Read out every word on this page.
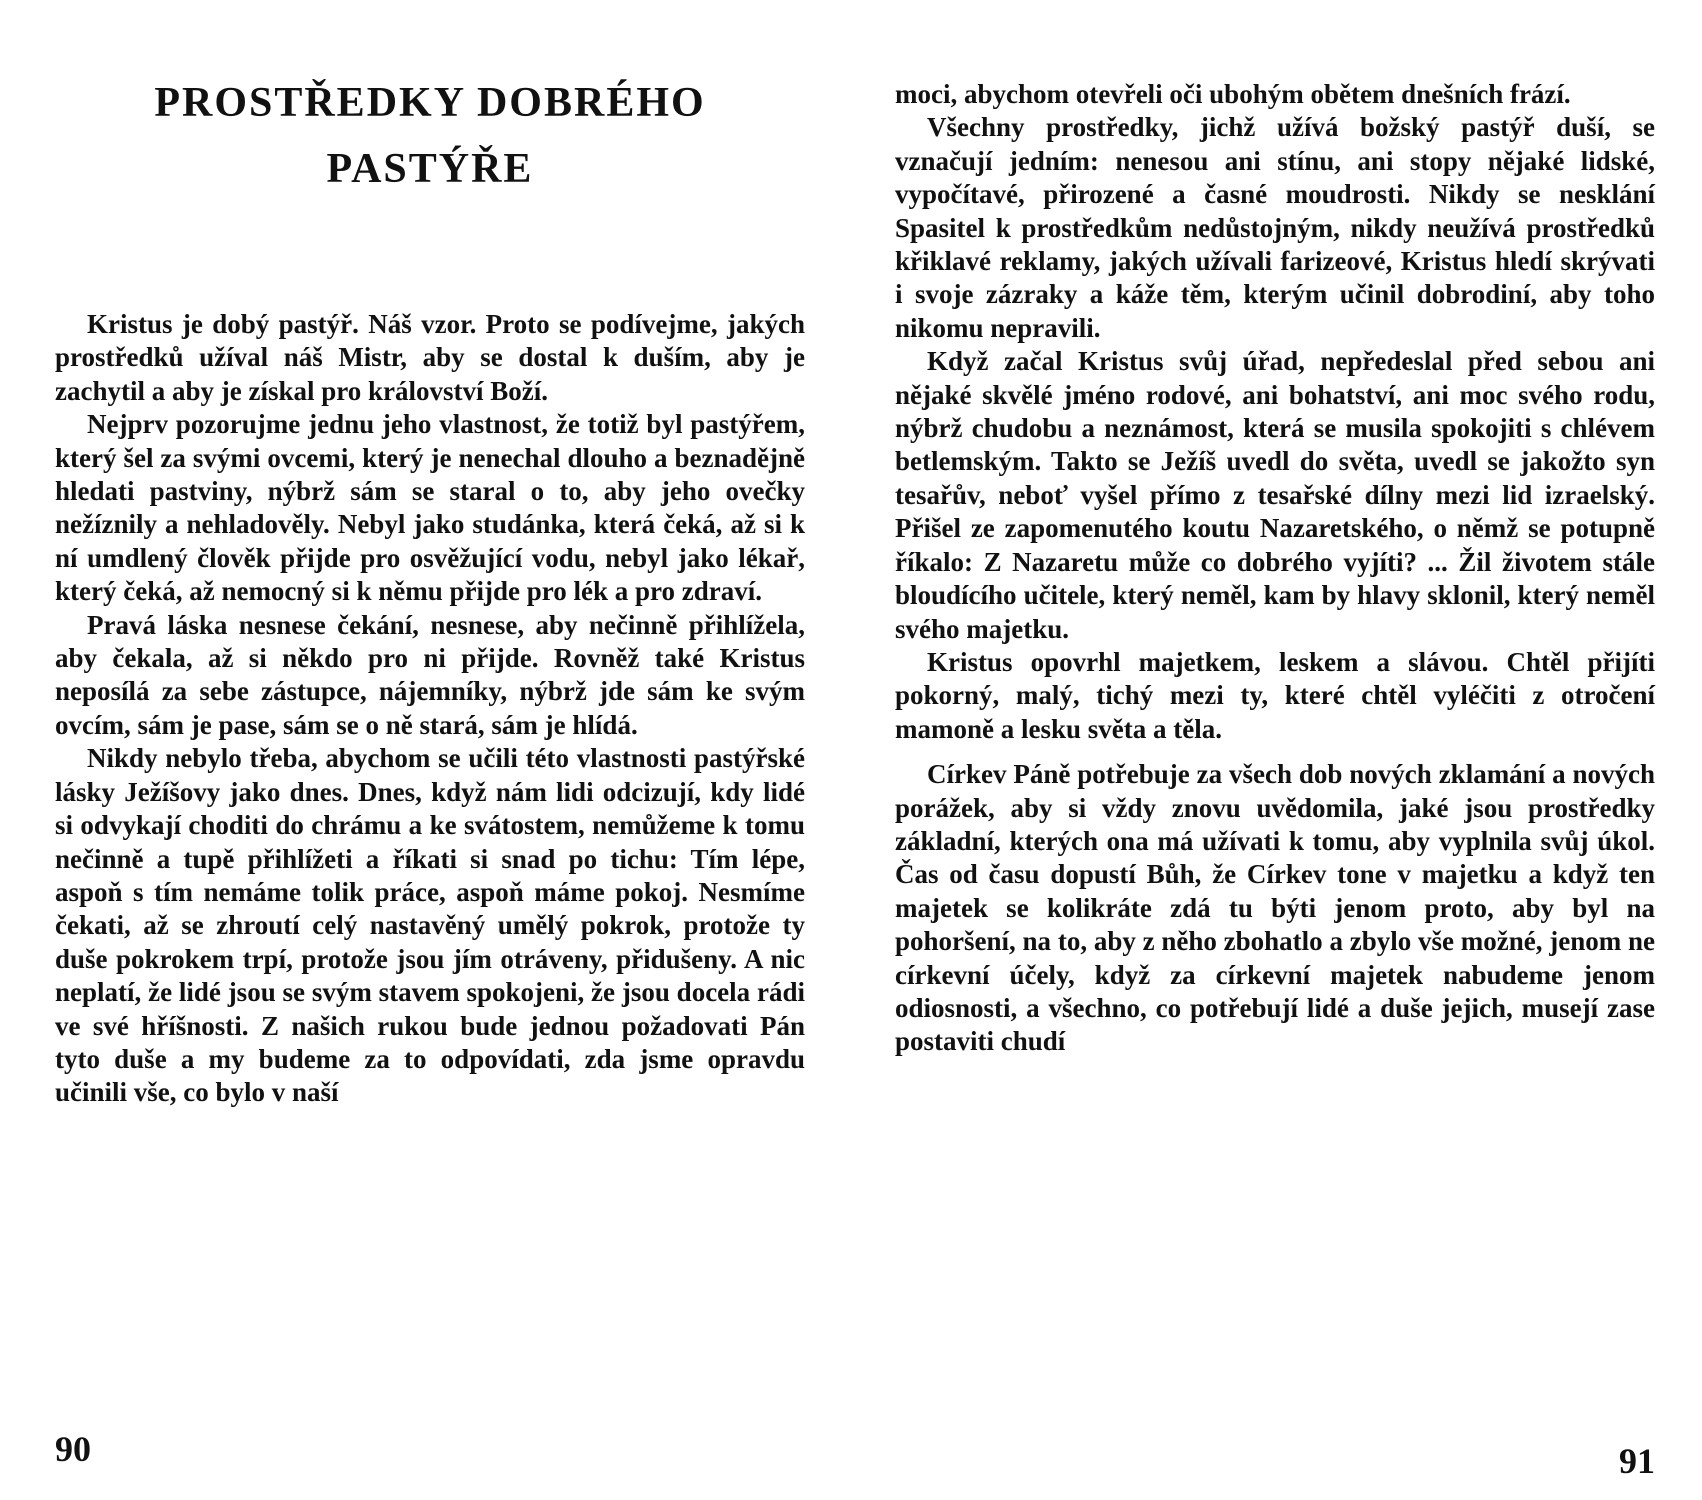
PROSTŘEDKY DOBRÉHO
PASTÝŘE

Kristus je dobý pastýř. Náš vzor. Proto se podívejme, jakých prostředků užíval náš Mistr, aby se dostal k duším, aby je zachytil a aby je získal pro království Boží.

Nejprv pozorujme jednu jeho vlastnost, že totiž byl pastýřem, který šel za svými ovcemi, který je nenechal dlouho a beznadějně hledati pastviny, nýbrž sám se staral o to, aby jeho ovečky nežíznily a nehladověly. Nebyl jako studánka, která čeká, až si k ní umdlený člověk přijde pro osvěžující vodu, nebyl jako lékař, který čeká, až nemocný si k němu přijde pro lék a pro zdraví.

Pravá láska nesnese čekání, nesnese, aby nečinně přihlížela, aby čekala, až si někdo pro ni přijde. Rovněž také Kristus neposílá za sebe zástupce, nájemníky, nýbrž jde sám ke svým ovcím, sám je pase, sám se o ně stará, sám je hlídá.

Nikdy nebylo třeba, abychom se učili této vlastnosti pastýřské lásky Ježíšovy jako dnes. Dnes, když nám lidi odcizují, kdy lidé si odvykají choditi do chrámu a ke svátostem, nemůžeme k tomu nečinně a tupě přihlížeti a říkati si snad po tichu: Tím lépe, aspoň s tím nemáme tolik práce, aspoň máme pokoj. Nesmíme čekati, až se zhroutí celý nastavěný umělý pokrok, protože ty duše pokrokem trpí, protože jsou jím otráveny, přidušeny. A nic neplatí, že lidé jsou se svým stavem spokojeni, že jsou docela rádi ve své hříšnosti. Z našich rukou bude jednou požadovati Pán tyto duše a my budeme za to odpovídati, zda jsme opravdu učinili vše, co bylo v naší

90

moci, abychom otevřeli oči ubohým obětem dnešních frází.

Všechny prostředky, jichž užívá božský pastýř duší, se vznačují jedním: nenesou ani stínu, ani stopy nějaké lidské, vypočítavé, přirozené a časné moudrosti. Nikdy se nesklání Spasitel k prostředkům nedůstojným, nikdy neužívá prostředků křiklavé reklamy, jakých užívali farizeové, Kristus hledí skrývati i svoje zázraky a káže těm, kterým učinil dobrodiní, aby toho nikomu nepravili.

Když začal Kristus svůj úřad, nepředeslal před sebou ani nějaké skvělé jméno rodové, ani bohatství, ani moc svého rodu, nýbrž chudobu a neznámost, která se musila spokojiti s chlévem betlemským. Takto se Ježíš uvedl do světa, uvedl se jakožto syn tesařův, neboť vyšel přímo z tesařské dílny mezi lid izraelský. Přišel ze zapomenutého koutu Nazaretského, o němž se potupně říkalo: Z Nazaretu může co dobrého vyjíti? ... Žil životem stále bloudícího učitele, který neměl, kam by hlavy sklonil, který neměl svého majetku.

Kristus opovrhl majetkem, leskem a slávou. Chtěl přijíti pokorný, malý, tichý mezi ty, které chtěl vyléčiti z otročení mamoně a lesku světa a těla.

Církev Páně potřebuje za všech dob nových zklamání a nových porážek, aby si vždy znovu uvědomila, jaké jsou prostředky základní, kterých ona má užívati k tomu, aby vyplnila svůj úkol. Čas od času dopustí Bůh, že Církev tone v majetku a když ten majetek se kolikráte zdá tu býti jenom proto, aby byl na pohoršení, na to, aby z něho zbohatlo a zbylo vše možné, jenom ne církevní účely, když za církevní majetek nabudeme jenom odiosnosti, a všechno, co potřebují lidé a duše jejich, musejí zase postaviti chudí

91
